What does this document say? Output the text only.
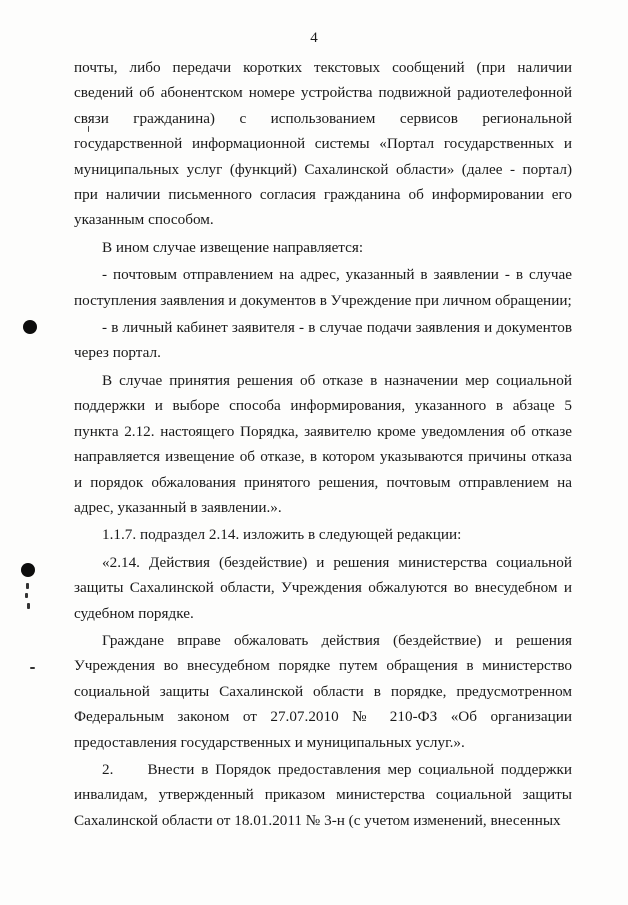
4

почты, либо передачи коротких текстовых сообщений (при наличии сведений об абонентском номере устройства подвижной радиотелефонной связи гражданина) с использованием сервисов региональной государственной информационной системы «Портал государственных и муниципальных услуг (функций) Сахалинской области» (далее - портал) при наличии письменного согласия гражданина об информировании его указанным способом.

В ином случае извещение направляется:

- почтовым отправлением на адрес, указанный в заявлении - в случае поступления заявления и документов в Учреждение при личном обращении;

- в личный кабинет заявителя - в случае подачи заявления и документов через портал.

В случае принятия решения об отказе в назначении мер социальной поддержки и выборе способа информирования, указанного в абзаце 5 пункта 2.12. настоящего Порядка, заявителю кроме уведомления об отказе направляется извещение об отказе, в котором указываются причины отказа и порядок обжалования принятого решения, почтовым отправлением на адрес, указанный в заявлении.».

1.1.7. подраздел 2.14. изложить в следующей редакции:

«2.14. Действия (бездействие) и решения министерства социальной защиты Сахалинской области, Учреждения обжалуются во внесудебном и судебном порядке.

Граждане вправе обжаловать действия (бездействие) и решения Учреждения во внесудебном порядке путем обращения в министерство социальной защиты Сахалинской области в порядке, предусмотренном Федеральным законом от 27.07.2010 № 210-ФЗ «Об организации предоставления государственных и муниципальных услуг.».

2.     Внести в Порядок предоставления мер социальной поддержки инвалидам, утвержденный приказом министерства социальной защиты Сахалинской области от 18.01.2011 № 3-н (с учетом изменений, внесенных
